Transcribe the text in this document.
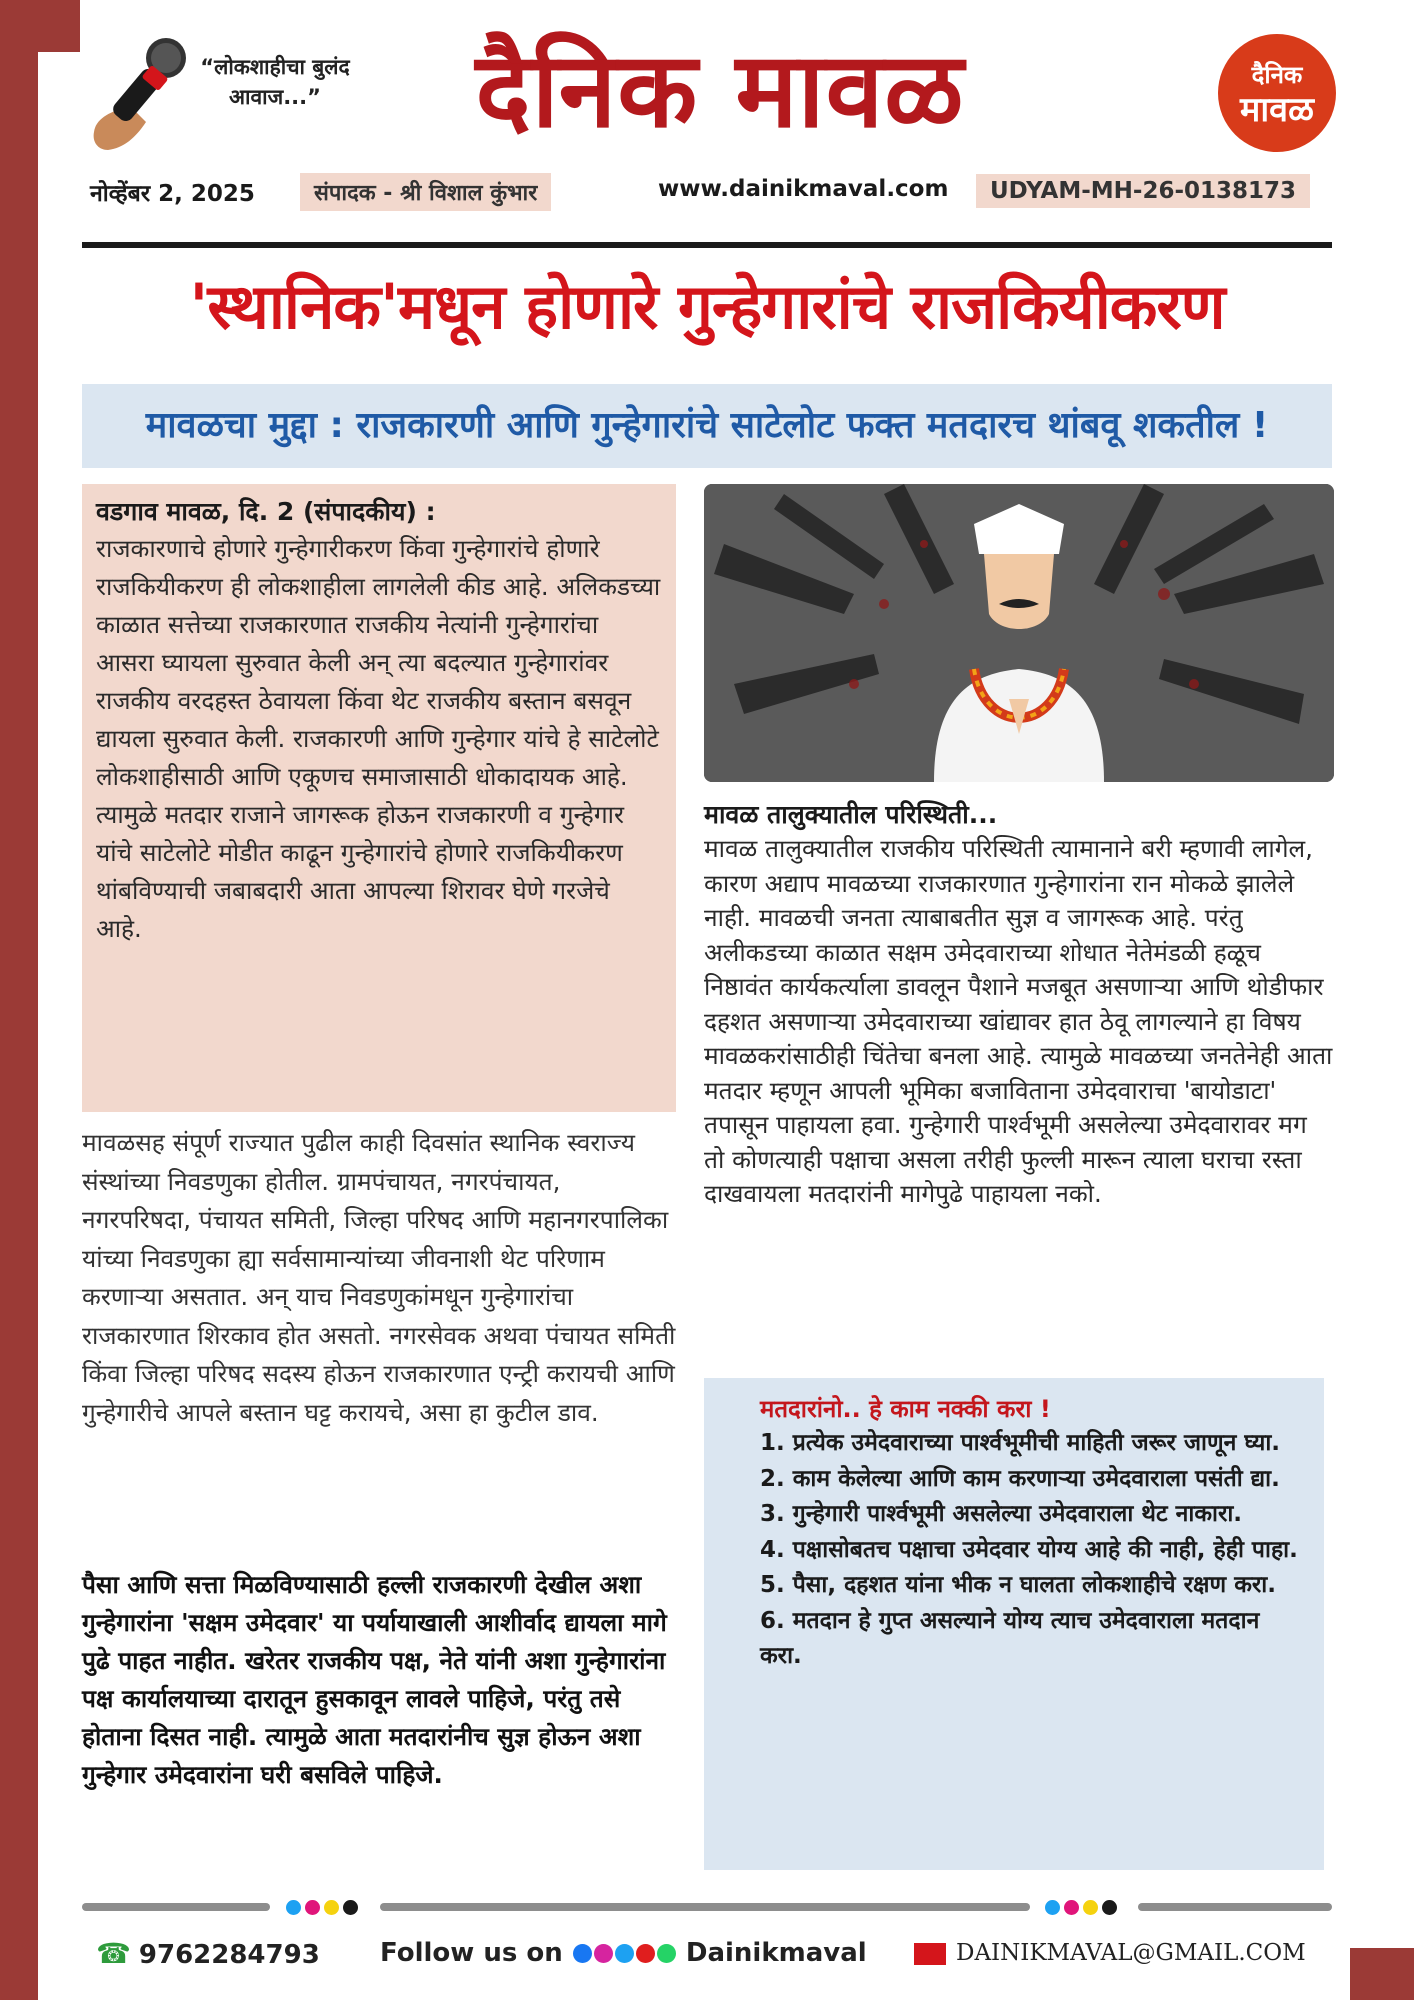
“लोकशाहीचा बुलंद आवाज...” दैनिक मावळ	दैनिक
मावळ
नोव्हेंबर 2, 2025	संपादक - श्री विशाल कुंभार	www.dainikmaval.com	UDYAM-MH-26-0138173
'स्थानिक'मधून होणारे गुन्हेगारांचे राजकियीकरण
मावळचा मुद्दा : राजकारणी आणि गुन्हेगारांचे साटेलोट फक्त मतदारच थांबवू शकतील !
वडगाव मावळ, दि. 2 (संपादकीय) :
राजकारणाचे होणारे गुन्हेगारीकरण किंवा गुन्हेगारांचे होणारे राजकियीकरण ही लोकशाहीला लागलेली कीड आहे. अलिकडच्या काळात सत्तेच्या राजकारणात राजकीय नेत्यांनी गुन्हेगारांचा आसरा घ्यायला सुरुवात केली अन् त्या बदल्यात गुन्हेगारांवर राजकीय वरदहस्त ठेवायला किंवा थेट राजकीय बस्तान बसवून द्यायला सुरुवात केली. राजकारणी आणि गुन्हेगार यांचे हे साटेलोटे लोकशाहीसाठी आणि एकूणच समाजासाठी धोकादायक आहे. त्यामुळे मतदार राजाने जागरूक होऊन राजकारणी व गुन्हेगार यांचे साटेलोटे मोडीत काढून गुन्हेगारांचे होणारे राजकियीकरण थांबविण्याची जबाबदारी आता आपल्या शिरावर घेणे गरजेचे आहे.
मावळसह संपूर्ण राज्यात पुढील काही दिवसांत स्थानिक स्वराज्य संस्थांच्या निवडणुका होतील. ग्रामपंचायत, नगरपंचायत, नगरपरिषदा, पंचायत समिती, जिल्हा परिषद आणि महानगरपालिका यांच्या निवडणुका ह्या सर्वसामान्यांच्या जीवनाशी थेट परिणाम करणाऱ्या असतात. अन् याच निवडणुकांमधून गुन्हेगारांचा राजकारणात शिरकाव होत असतो. नगरसेवक अथवा पंचायत समिती किंवा जिल्हा परिषद सदस्य होऊन राजकारणात एन्ट्री करायची आणि गुन्हेगारीचे आपले बस्तान घट्ट करायचे, असा हा कुटील डाव.
पैसा आणि सत्ता मिळविण्यासाठी हल्ली राजकारणी देखील अशा गुन्हेगारांना 'सक्षम उमेदवार' या पर्यायाखाली आशीर्वाद द्यायला मागे पुढे पाहत नाहीत. खरेतर राजकीय पक्ष, नेते यांनी अशा गुन्हेगारांना पक्ष कार्यालयाच्या दारातून हुसकावून लावले पाहिजे, परंतु तसे होताना दिसत नाही. त्यामुळे आता मतदारांनीच सुज्ञ होऊन अशा गुन्हेगार उमेदवारांना घरी बसविले पाहिजे.
मावळ तालुक्यातील परिस्थिती...
मावळ तालुक्यातील राजकीय परिस्थिती त्यामानाने बरी म्हणावी लागेल, कारण अद्याप मावळच्या राजकारणात गुन्हेगारांना रान मोकळे झालेले नाही. मावळची जनता त्याबाबतीत सुज्ञ व जागरूक आहे. परंतु अलीकडच्या काळात सक्षम उमेदवाराच्या शोधात नेतेमंडळी हळूच निष्ठावंत कार्यकर्त्याला डावलून पैशाने मजबूत असणाऱ्या आणि थोडीफार दहशत असणाऱ्या उमेदवाराच्या खांद्यावर हात ठेवू लागल्याने हा विषय मावळकरांसाठीही चिंतेचा बनला आहे. त्यामुळे मावळच्या जनतेनेही आता मतदार म्हणून आपली भूमिका बजाविताना उमेदवाराचा 'बायोडाटा' तपासून पाहायला हवा. गुन्हेगारी पार्श्वभूमी असलेल्या उमेदवारावर मग तो कोणत्याही पक्षाचा असला तरीही फुल्ली मारून त्याला घराचा रस्ता दाखवायला मतदारांनी मागेपुढे पाहायला नको.
मतदारांनो.. हे काम नक्की करा !
1. प्रत्येक उमेदवाराच्या पार्श्वभूमीची माहिती जरूर जाणून घ्या.
2. काम केलेल्या आणि काम करणाऱ्या उमेदवाराला पसंती द्या.
3. गुन्हेगारी पार्श्वभूमी असलेल्या उमेदवाराला थेट नाकारा.
4. पक्षासोबतच पक्षाचा उमेदवार योग्य आहे की नाही, हेही पाहा.
5. पैसा, दहशत यांना भीक न घालता लोकशाहीचे रक्षण करा.
6. मतदान हे गुप्त असल्याने योग्य त्याच उमेदवाराला मतदान करा.
☎ 9762284793 Follow us on	Dainikmaval	DAINIKMAVAL@GMAIL.COM
